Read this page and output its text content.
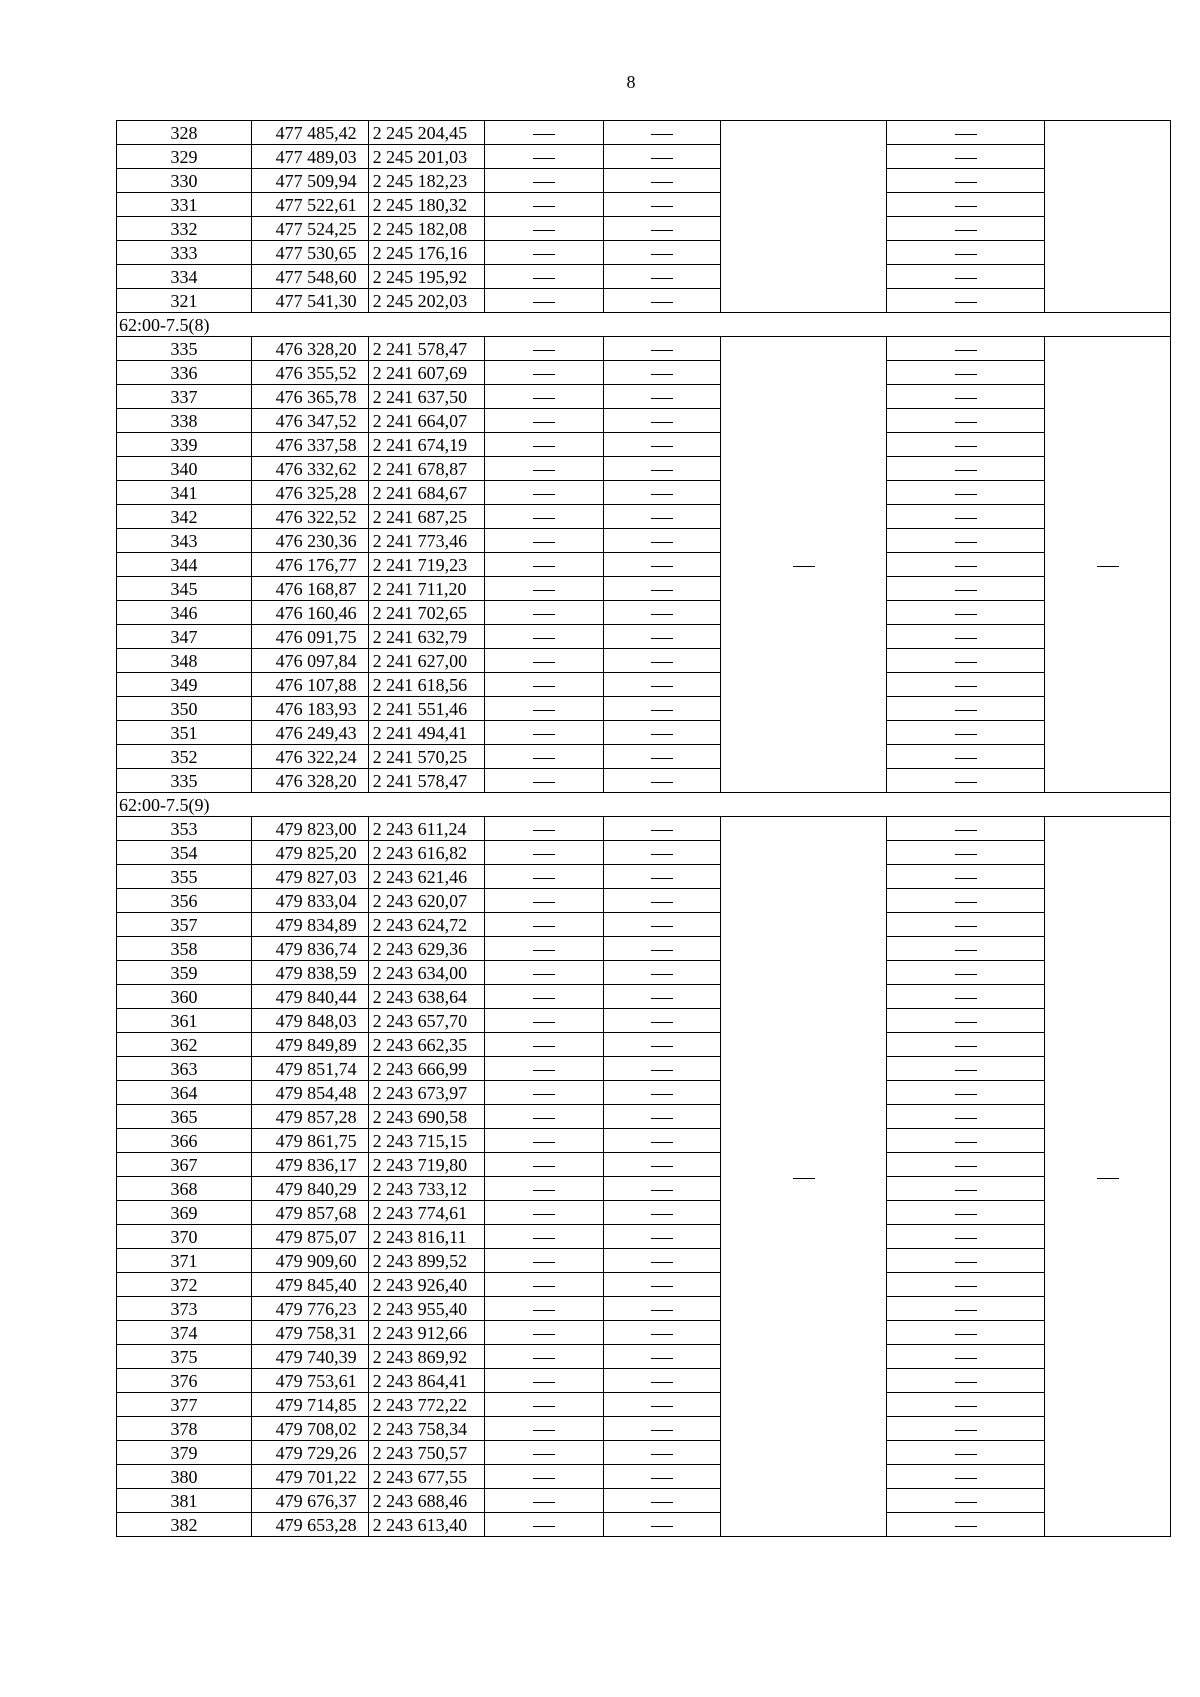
8
328	477 485,42	2 245 204,45					
329	477 489,03	2 245 201,03					
330	477 509,94	2 245 182,23					
331	477 522,61	2 245 180,32					
332	477 524,25	2 245 182,08					
333	477 530,65	2 245 176,16					
334	477 548,60	2 245 195,92					
321	477 541,30	2 245 202,03					
62:00-7.5(8)							
335	476 328,20	2 241 578,47					
336	476 355,52	2 241 607,69					
337	476 365,78	2 241 637,50					
338	476 347,52	2 241 664,07					
339	476 337,58	2 241 674,19					
340	476 332,62	2 241 678,87					
341	476 325,28	2 241 684,67					
342	476 322,52	2 241 687,25					
343	476 230,36	2 241 773,46					
344	476 176,77	2 241 719,23					
345	476 168,87	2 241 711,20					
346	476 160,46	2 241 702,65					
347	476 091,75	2 241 632,79					
348	476 097,84	2 241 627,00					
349	476 107,88	2 241 618,56					
350	476 183,93	2 241 551,46					
351	476 249,43	2 241 494,41					
352	476 322,24	2 241 570,25					
335	476 328,20	2 241 578,47					
62:00-7.5(9)							
353	479 823,00	2 243 611,24					
354	479 825,20	2 243 616,82					
355	479 827,03	2 243 621,46					
356	479 833,04	2 243 620,07					
357	479 834,89	2 243 624,72					
358	479 836,74	2 243 629,36					
359	479 838,59	2 243 634,00					
360	479 840,44	2 243 638,64					
361	479 848,03	2 243 657,70					
362	479 849,89	2 243 662,35					
363	479 851,74	2 243 666,99					
364	479 854,48	2 243 673,97					
365	479 857,28	2 243 690,58					
366	479 861,75	2 243 715,15					
367	479 836,17	2 243 719,80					
368	479 840,29	2 243 733,12					
369	479 857,68	2 243 774,61					
370	479 875,07	2 243 816,11					
371	479 909,60	2 243 899,52					
372	479 845,40	2 243 926,40					
373	479 776,23	2 243 955,40					
374	479 758,31	2 243 912,66					
375	479 740,39	2 243 869,92					
376	479 753,61	2 243 864,41					
377	479 714,85	2 243 772,22					
378	479 708,02	2 243 758,34					
379	479 729,26	2 243 750,57					
380	479 701,22	2 243 677,55					
381	479 676,37	2 243 688,46					
382	479 653,28	2 243 613,40					
